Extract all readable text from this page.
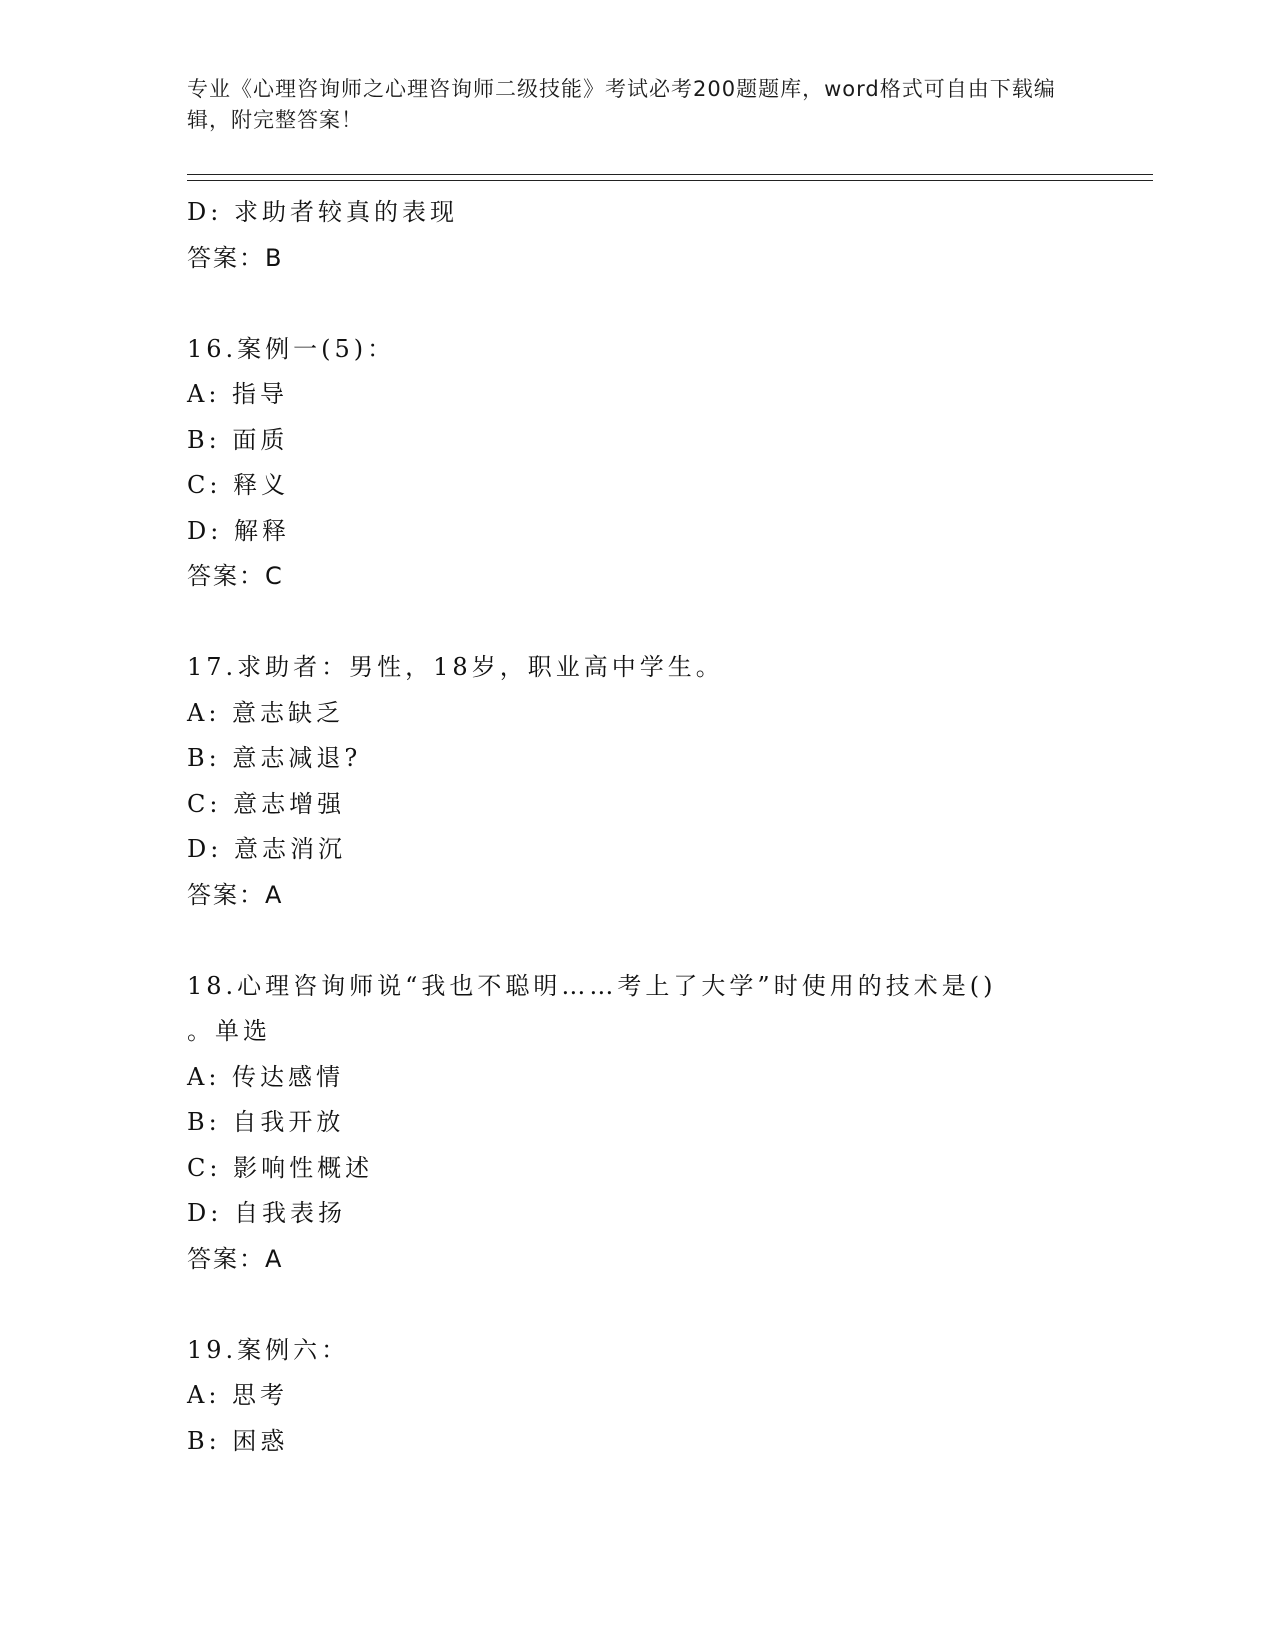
专业《心理咨询师之心理咨询师二级技能》考试必考200题题库，word格式可自由下载编辑，附完整答案！
D: 求助者较真的表现
答案：B
16.案例一(5)：
A: 指导
B: 面质
C: 释义
D: 解释
答案：C
17.求助者：男性，18岁，职业高中学生。
A: 意志缺乏
B: 意志减退?
C: 意志增强
D: 意志消沉
答案：A
18.心理咨询师说“我也不聪明……考上了大学”时使用的技术是()
。单选
A: 传达感情
B: 自我开放
C: 影响性概述
D: 自我表扬
答案：A
19.案例六：
A: 思考
B: 困惑
